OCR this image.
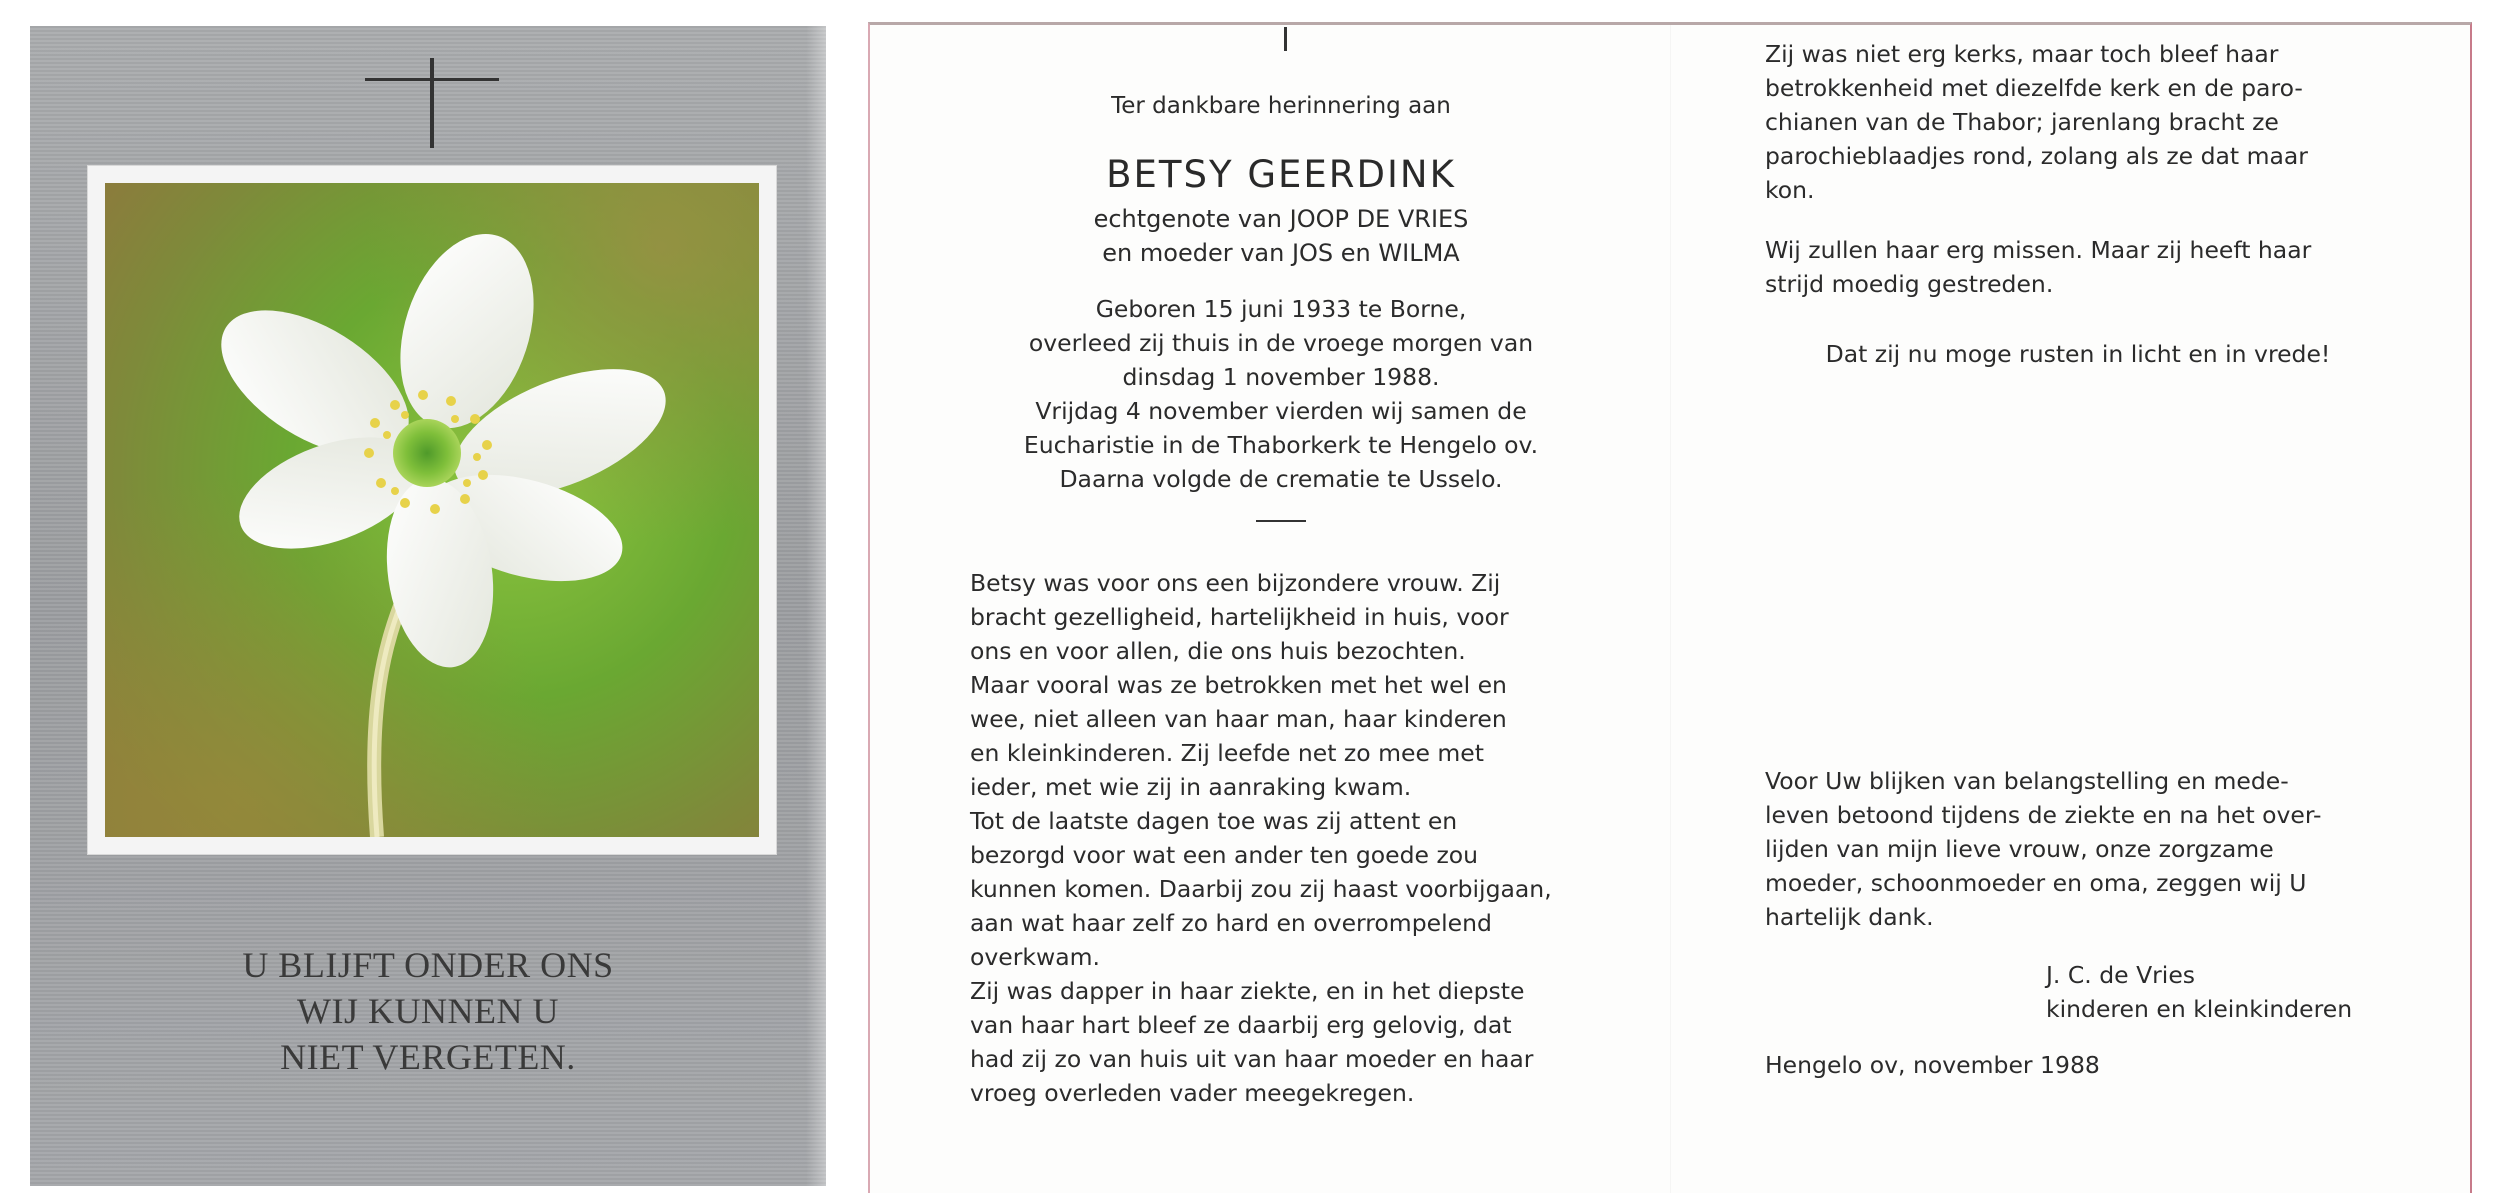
U BLIJFT ONDER ONS
WIJ KUNNEN U
NIET VERGETEN.
Ter dankbare herinnering aan
BETSY GEERDINK
echtgenote van JOOP DE VRIES
en moeder van JOS en WILMA
Geboren 15 juni 1933 te Borne,
overleed zij thuis in de vroege morgen van
dinsdag 1 november 1988.
Vrijdag 4 november vierden wij samen de
Eucharistie in de Thaborkerk te Hengelo ov.
Daarna volgde de crematie te Usselo.
Betsy was voor ons een bijzondere vrouw. Zij
bracht gezelligheid, hartelijkheid in huis, voor
ons en voor allen, die ons huis bezochten.
Maar vooral was ze betrokken met het wel en
wee, niet alleen van haar man, haar kinderen
en kleinkinderen. Zij leefde net zo mee met
ieder, met wie zij in aanraking kwam.
Tot de laatste dagen toe was zij attent en
bezorgd voor wat een ander ten goede zou
kunnen komen. Daarbij zou zij haast voorbijgaan,
aan wat haar zelf zo hard en overrompelend
overkwam.
Zij was dapper in haar ziekte, en in het diepste
van haar hart bleef ze daarbij erg gelovig, dat
had zij zo van huis uit van haar moeder en haar
vroeg overleden vader meegekregen.
Zij was niet erg kerks, maar toch bleef haar
betrokkenheid met diezelfde kerk en de paro-
chianen van de Thabor; jarenlang bracht ze
parochieblaadjes rond, zolang als ze dat maar
kon.
Wij zullen haar erg missen. Maar zij heeft haar
strijd moedig gestreden.
Dat zij nu moge rusten in licht en in vrede!
Voor Uw blijken van belangstelling en mede-
leven betoond tijdens de ziekte en na het over-
lijden van mijn lieve vrouw, onze zorgzame
moeder, schoonmoeder en oma, zeggen wij U
hartelijk dank.
J. C. de Vries
kinderen en kleinkinderen
Hengelo ov, november 1988
